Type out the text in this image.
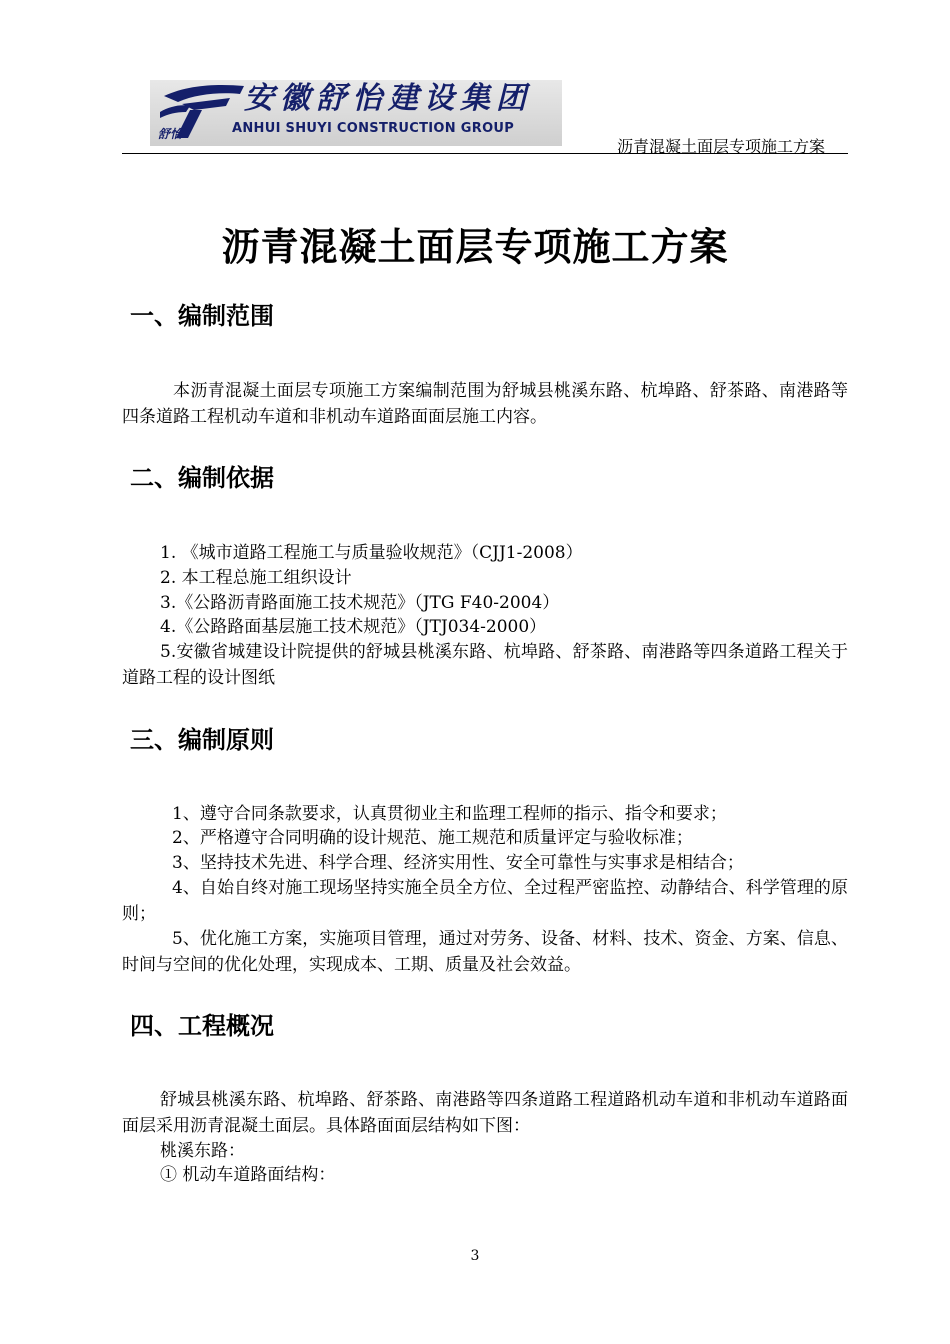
舒怡
安徽舒怡建设集团
ANHUI SHUYI CONSTRUCTION GROUP
沥青混凝土面层专项施工方案
沥青混凝土面层专项施工方案
一、编制范围
本沥青混凝土面层专项施工方案编制范围为舒城县桃溪东路、杭埠路、舒茶路、南港路等四条道路工程机动车道和非机动车道路面面层施工内容。
二、编制依据
1. 《城市道路工程施工与质量验收规范》（CJJ1-2008）
2. 本工程总施工组织设计
3.《公路沥青路面施工技术规范》（JTG F40-2004）
4.《公路路面基层施工技术规范》（JTJ034-2000）
5.安徽省城建设计院提供的舒城县桃溪东路、杭埠路、舒茶路、南港路等四条道路工程关于道路工程的设计图纸
三、编制原则
1、遵守合同条款要求，认真贯彻业主和监理工程师的指示、指令和要求；
2、严格遵守合同明确的设计规范、施工规范和质量评定与验收标准；
3、坚持技术先进、科学合理、经济实用性、安全可靠性与实事求是相结合；
4、自始自终对施工现场坚持实施全员全方位、全过程严密监控、动静结合、科学管理的原则；
5、优化施工方案，实施项目管理，通过对劳务、设备、材料、技术、资金、方案、信息、时间与空间的优化处理，实现成本、工期、质量及社会效益。
四、工程概况
舒城县桃溪东路、杭埠路、舒茶路、南港路等四条道路工程道路机动车道和非机动车道路面面层采用沥青混凝土面层。具体路面面层结构如下图：
桃溪东路：
① 机动车道路面结构：
3
